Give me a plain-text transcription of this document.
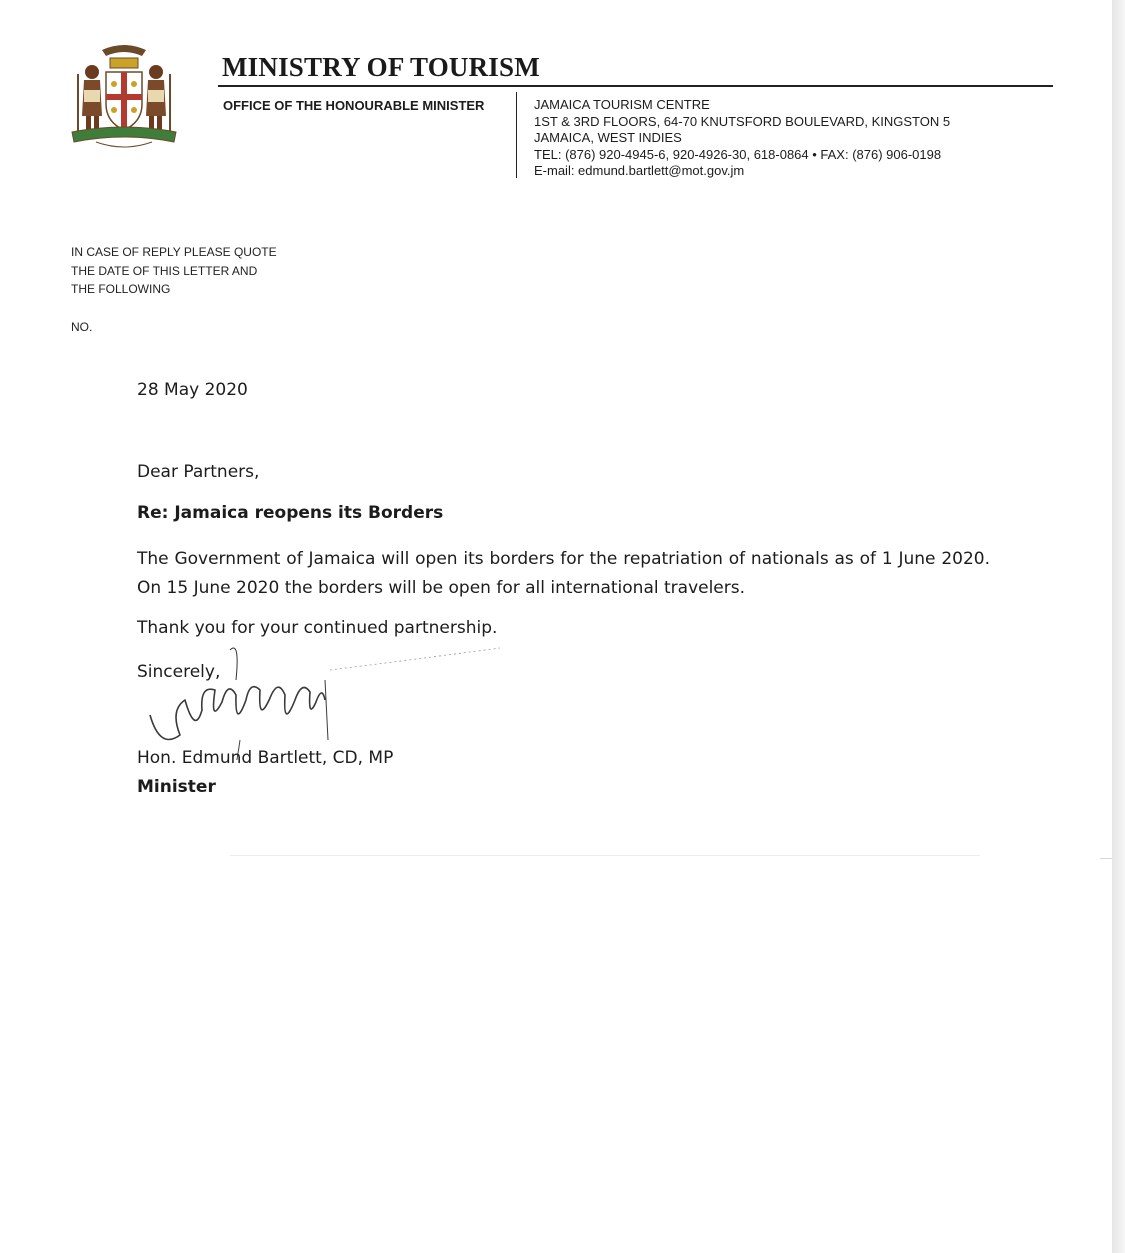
MINISTRY OF TOURISM
OFFICE OF THE HONOURABLE MINISTER	JAMAICA TOURISM CENTRE
1ST & 3RD FLOORS, 64-70 KNUTSFORD BOULEVARD, KINGSTON 5
JAMAICA, WEST INDIES
TEL: (876) 920-4945-6, 920-4926-30, 618-0864 • FAX: (876) 906-0198
E-mail: edmund.bartlett@mot.gov.jm
IN CASE OF REPLY PLEASE QUOTE
THE DATE OF THIS LETTER AND
THE FOLLOWING
NO.
28 May 2020
Dear Partners,
Re: Jamaica reopens its Borders
The Government of Jamaica will open its borders for the repatriation of nationals as of 1 June 2020. On 15 June 2020 the borders will be open for all international travelers.
Thank you for your continued partnership.
Sincerely,
Hon. Edmund Bartlett, CD, MP
Minister
